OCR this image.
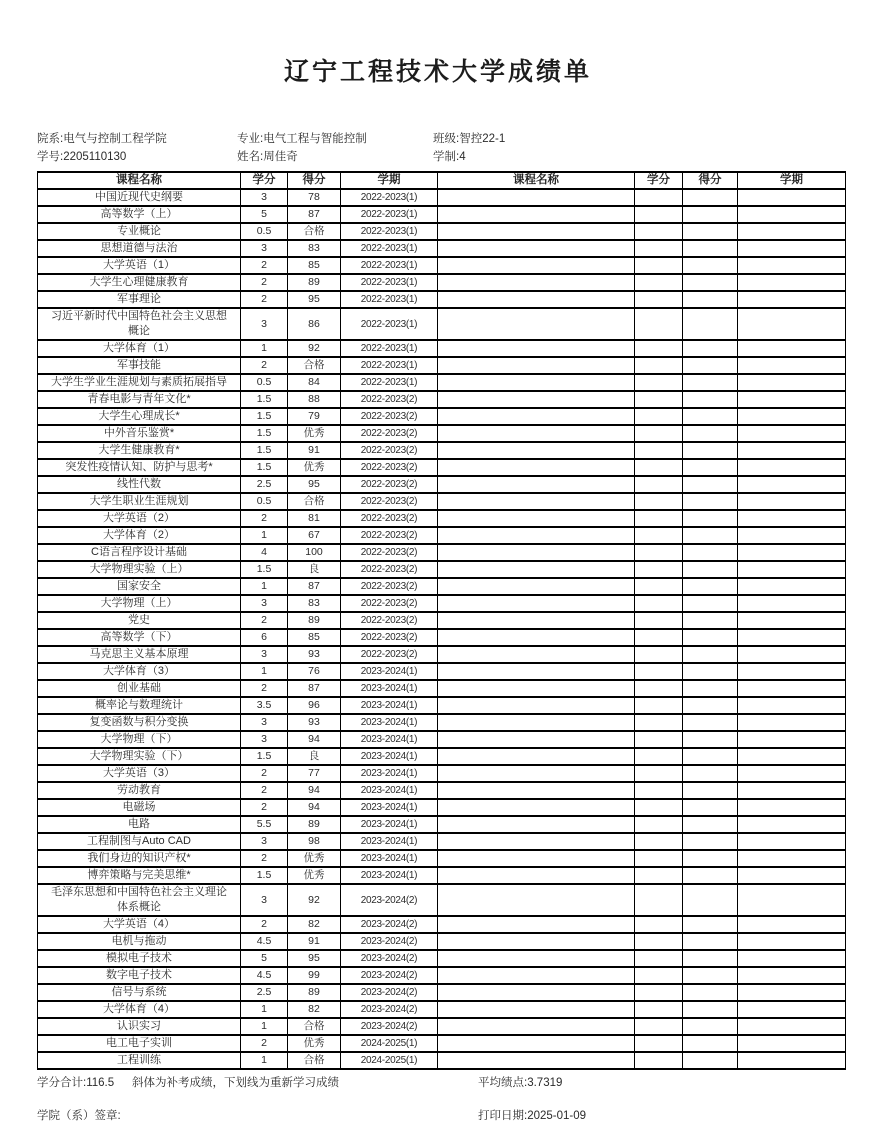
辽宁工程技术大学成绩单
院系:电气与控制工程学院	专业:电气工程与智能控制	班级:智控22-1
学号:2205110130	姓名:周佳奇	学制:4
课程名称	学分	得分	学期	课程名称	学分	得分	学期
中国近现代史纲要	3	78	2022-2023(1)				
高等数学（上）	5	87	2022-2023(1)				
专业概论	0.5	合格	2022-2023(1)				
思想道德与法治	3	83	2022-2023(1)				
大学英语（1）	2	85	2022-2023(1)				
大学生心理健康教育	2	89	2022-2023(1)				
军事理论	2	95	2022-2023(1)				
习近平新时代中国特色社会主义思想概论	3	86	2022-2023(1)				
大学体育（1）	1	92	2022-2023(1)				
军事技能	2	合格	2022-2023(1)				
大学生学业生涯规划与素质拓展指导	0.5	84	2022-2023(1)				
青春电影与青年文化*	1.5	88	2022-2023(2)				
大学生心理成长*	1.5	79	2022-2023(2)				
中外音乐鉴赏*	1.5	优秀	2022-2023(2)				
大学生健康教育*	1.5	91	2022-2023(2)				
突发性疫情认知、防护与思考*	1.5	优秀	2022-2023(2)				
线性代数	2.5	95	2022-2023(2)				
大学生职业生涯规划	0.5	合格	2022-2023(2)				
大学英语（2）	2	81	2022-2023(2)				
大学体育（2）	1	67	2022-2023(2)				
C语言程序设计基础	4	100	2022-2023(2)				
大学物理实验（上）	1.5	良	2022-2023(2)				
国家安全	1	87	2022-2023(2)				
大学物理（上）	3	83	2022-2023(2)				
党史	2	89	2022-2023(2)				
高等数学（下）	6	85	2022-2023(2)				
马克思主义基本原理	3	93	2022-2023(2)				
大学体育（3）	1	76	2023-2024(1)				
创业基础	2	87	2023-2024(1)				
概率论与数理统计	3.5	96	2023-2024(1)				
复变函数与积分变换	3	93	2023-2024(1)				
大学物理（下）	3	94	2023-2024(1)				
大学物理实验（下）	1.5	良	2023-2024(1)				
大学英语（3）	2	77	2023-2024(1)				
劳动教育	2	94	2023-2024(1)				
电磁场	2	94	2023-2024(1)				
电路	5.5	89	2023-2024(1)				
工程制图与Auto CAD	3	98	2023-2024(1)				
我们身边的知识产权*	2	优秀	2023-2024(1)				
博弈策略与完美思维*	1.5	优秀	2023-2024(1)				
毛泽东思想和中国特色社会主义理论体系概论	3	92	2023-2024(2)				
大学英语（4）	2	82	2023-2024(2)				
电机与拖动	4.5	91	2023-2024(2)				
模拟电子技术	5	95	2023-2024(2)				
数字电子技术	4.5	99	2023-2024(2)				
信号与系统	2.5	89	2023-2024(2)				
大学体育（4）	1	82	2023-2024(2)				
认识实习	1	合格	2023-2024(2)				
电工电子实训	2	优秀	2024-2025(1)				
工程训练	1	合格	2024-2025(1)				
学分合计:116.5 斜体为补考成绩，下划线为重新学习成绩	平均绩点:3.7319
学院（系）签章:	打印日期:2025-01-09
